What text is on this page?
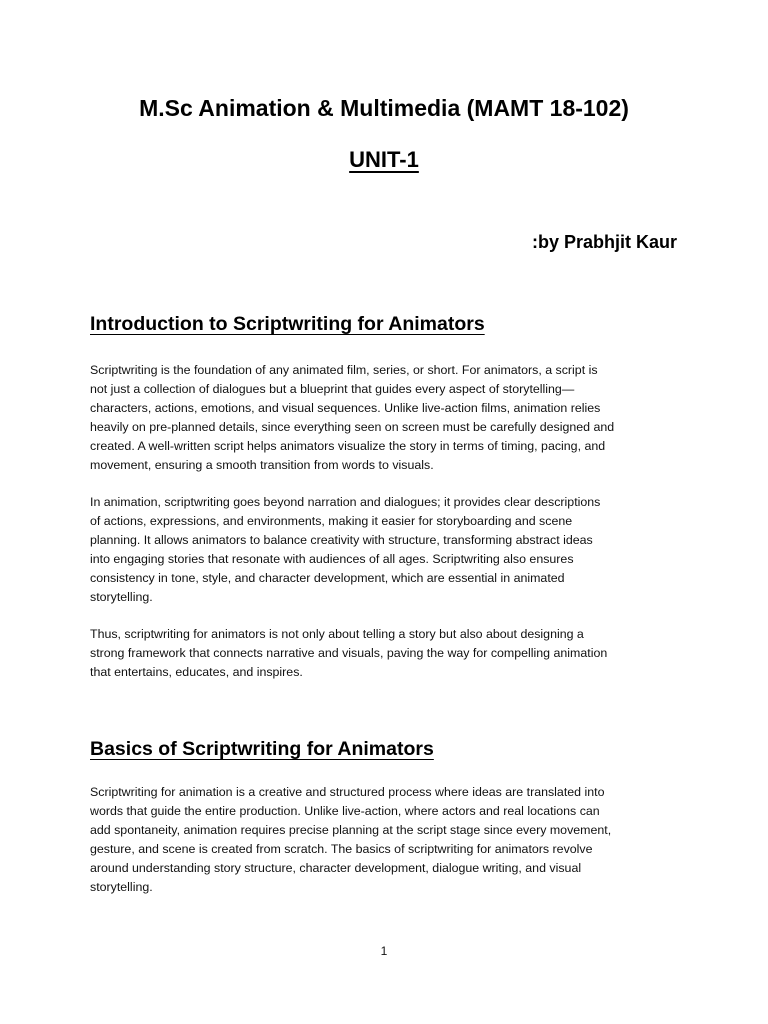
M.Sc Animation & Multimedia (MAMT 18-102)
UNIT-1

:by Prabhjit Kaur

Introduction to Scriptwriting for Animators

Scriptwriting is the foundation of any animated film, series, or short. For animators, a script is
not just a collection of dialogues but a blueprint that guides every aspect of storytelling—
characters, actions, emotions, and visual sequences. Unlike live-action films, animation relies
heavily on pre-planned details, since everything seen on screen must be carefully designed and
created. A well-written script helps animators visualize the story in terms of timing, pacing, and
movement, ensuring a smooth transition from words to visuals.

In animation, scriptwriting goes beyond narration and dialogues; it provides clear descriptions
of actions, expressions, and environments, making it easier for storyboarding and scene
planning. It allows animators to balance creativity with structure, transforming abstract ideas
into engaging stories that resonate with audiences of all ages. Scriptwriting also ensures
consistency in tone, style, and character development, which are essential in animated
storytelling.

Thus, scriptwriting for animators is not only about telling a story but also about designing a
strong framework that connects narrative and visuals, paving the way for compelling animation
that entertains, educates, and inspires.

Basics of Scriptwriting for Animators

Scriptwriting for animation is a creative and structured process where ideas are translated into
words that guide the entire production. Unlike live-action, where actors and real locations can
add spontaneity, animation requires precise planning at the script stage since every movement,
gesture, and scene is created from scratch. The basics of scriptwriting for animators revolve
around understanding story structure, character development, dialogue writing, and visual
storytelling.

1
